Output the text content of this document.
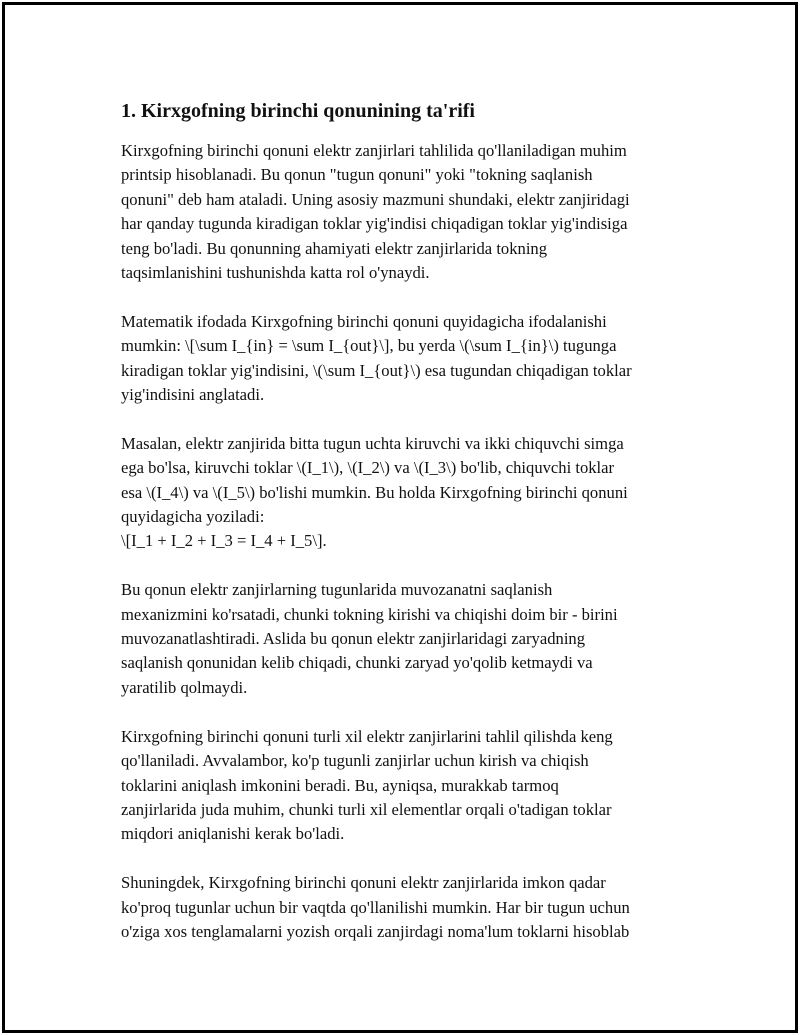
1. Kirxgofning birinchi qonunining ta'rifi

Kirxgofning birinchi qonuni elektr zanjirlari tahlilida qo'llaniladigan muhim
printsip hisoblanadi. Bu qonun "tugun qonuni" yoki "tokning saqlanish
qonuni" deb ham ataladi. Uning asosiy mazmuni shundaki, elektr zanjiridagi
har qanday tugunda kiradigan toklar yig'indisi chiqadigan toklar yig'indisiga
teng bo'ladi. Bu qonunning ahamiyati elektr zanjirlarida tokning
taqsimlanishini tushunishda katta rol o'ynaydi.

Matematik ifodada Kirxgofning birinchi qonuni quyidagicha ifodalanishi
mumkin: \[\sum I_{in} = \sum I_{out}\], bu yerda \(\sum I_{in}\) tugunga
kiradigan toklar yig'indisini, \(\sum I_{out}\) esa tugundan chiqadigan toklar
yig'indisini anglatadi.

Masalan, elektr zanjirida bitta tugun uchta kiruvchi va ikki chiquvchi simga
ega bo'lsa, kiruvchi toklar \(I_1\), \(I_2\) va \(I_3\) bo'lib, chiquvchi toklar
esa \(I_4\) va \(I_5\) bo'lishi mumkin. Bu holda Kirxgofning birinchi qonuni
quyidagicha yoziladi:
\[I_1 + I_2 + I_3 = I_4 + I_5\].

Bu qonun elektr zanjirlarning tugunlarida muvozanatni saqlanish
mexanizmini ko'rsatadi, chunki tokning kirishi va chiqishi doim bir - birini
muvozanatlashtiradi. Aslida bu qonun elektr zanjirlaridagi zaryadning
saqlanish qonunidan kelib chiqadi, chunki zaryad yo'qolib ketmaydi va
yaratilib qolmaydi.

Kirxgofning birinchi qonuni turli xil elektr zanjirlarini tahlil qilishda keng
qo'llaniladi. Avvalambor, ko'p tugunli zanjirlar uchun kirish va chiqish
toklarini aniqlash imkonini beradi. Bu, ayniqsa, murakkab tarmoq
zanjirlarida juda muhim, chunki turli xil elementlar orqali o'tadigan toklar
miqdori aniqlanishi kerak bo'ladi.

Shuningdek, Kirxgofning birinchi qonuni elektr zanjirlarida imkon qadar
ko'proq tugunlar uchun bir vaqtda qo'llanilishi mumkin. Har bir tugun uchun
o'ziga xos tenglamalarni yozish orqali zanjirdagi noma'lum toklarni hisoblab
